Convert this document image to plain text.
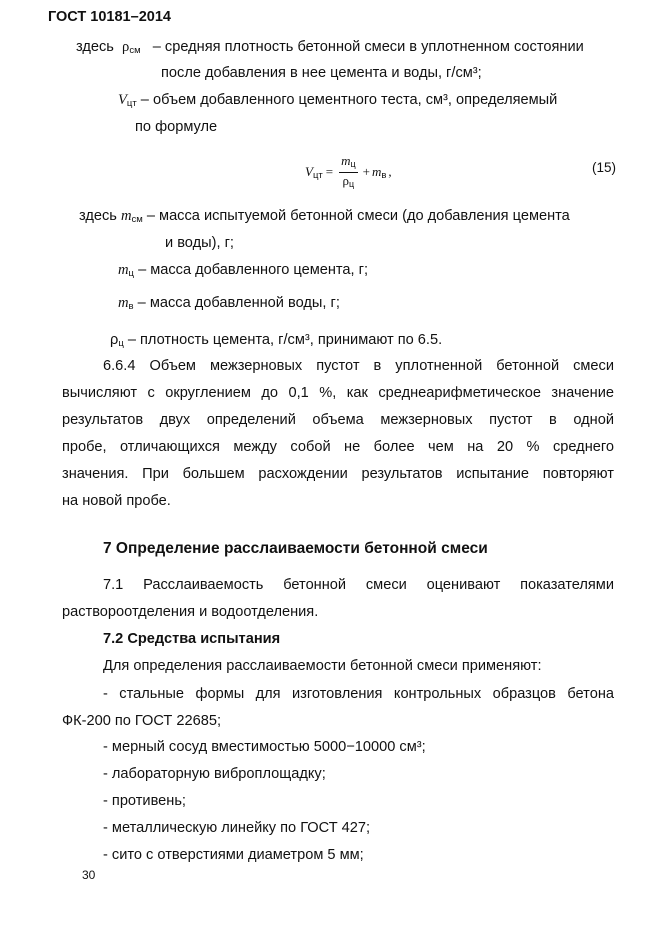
ГОСТ 10181–2014
здесь $\rho_{см}$ – средняя плотность бетонной смеси в уплотненном состоянии
после добавления в нее цемента и воды, г/см³;
$V_{цт}$ – объем добавленного цементного теста, см³, определяемый
по формуле
$V_{цт} = \frac{m_ц}{\rho_ц} + m_в$ ,	(15)
здесь $m_{см}$ – масса испытуемой бетонной смеси (до добавления цемента
и воды), г;
$m_ц$ – масса добавленного цемента, г;
$m_в$ – масса добавленной воды, г;
$\rho_ц$ – плотность цемента, г/см³, принимают по 6.5.
6.6.4 Объем межзерновых пустот в уплотненной бетонной смеси
вычисляют с округлением до 0,1 %, как среднеарифметическое значение
результатов двух определений объема межзерновых пустот в одной
пробе, отличающихся между собой не более чем на 20 % среднего
значения. При большем расхождении результатов испытание повторяют
на новой пробе.
7 Определение расслаиваемости бетонной смеси
7.1 Расслаиваемость бетонной смеси оценивают показателями
раствороотделения и водоотделения.
7.2 Средства испытания
Для определения расслаиваемости бетонной смеси применяют:
- стальные формы для изготовления контрольных образцов бетона
ФК-200 по ГОСТ 22685;
- мерный сосуд вместимостью 5000−10000 см³;
- лабораторную виброплощадку;
- противень;
- металлическую линейку по ГОСТ 427;
- сито с отверстиями диаметром 5 мм;
30
